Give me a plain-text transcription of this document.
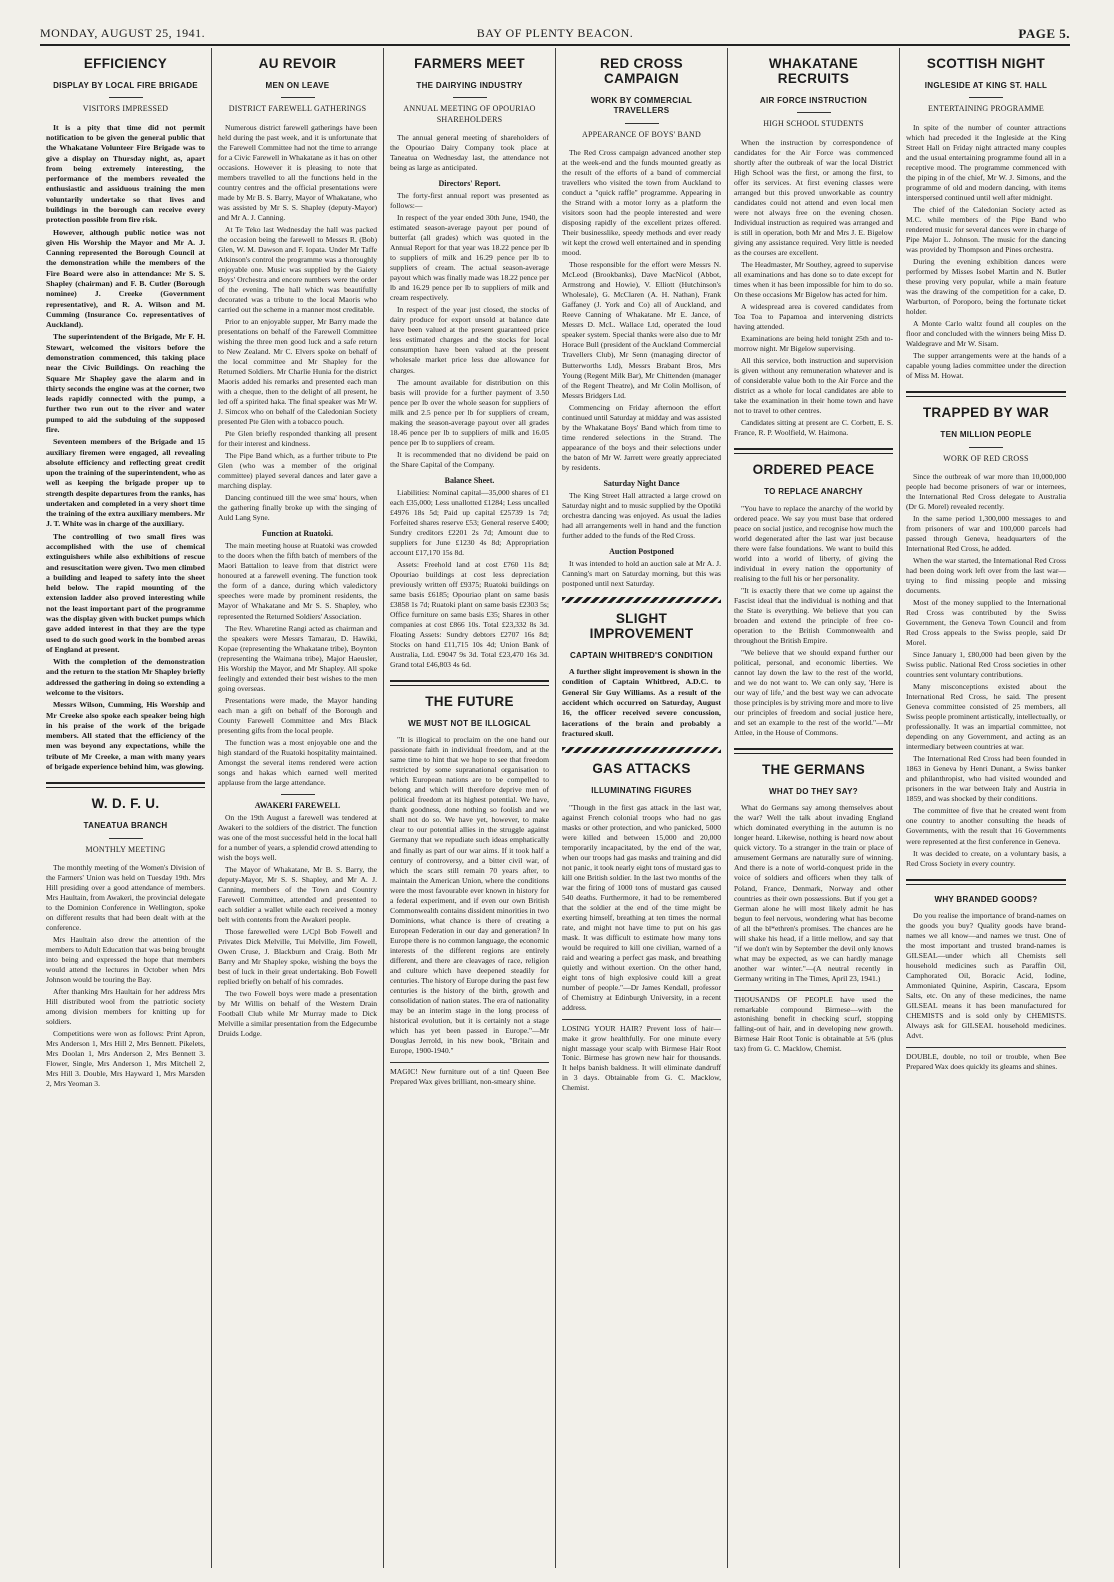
MONDAY, AUGUST 25, 1941.	BAY OF PLENTY BEACON.	PAGE 5.
EFFICIENCY
DISPLAY BY LOCAL FIRE BRIGADE
VISITORS IMPRESSED

It is a pity that time did not permit notification to be given the general public that the Whakatane Volunteer Fire Brigade was to give a display on Thursday night, as, apart from being extremely interesting, the performance of the members revealed the enthusiastic and assiduous training the men voluntarily undertake so that lives and buildings in the borough can receive every protection possible from fire risk.

However, although public notice was not given His Worship the Mayor and Mr A. J. Canning represented the Borough Council at the demonstration while the members of the Fire Board were also in attendance: Mr S. S. Shapley (chairman) and F. B. Cutler (Borough nominee) J. Creeke (Government representative), and R. A. Wilson and M. Cumming (Insurance Co. representatives of Auckland).

The superintendent of the Brigade, Mr F. H. Stewart, welcomed the visitors before the demonstration commenced, this taking place near the Civic Buildings. On reaching the Square Mr Shapley gave the alarm and in thirty seconds the engine was at the corner, two leads rapidly connected with the pump, a further two run out to the river and water pumped to aid the subduing of the supposed fire.

Seventeen members of the Brigade and 15 auxiliary firemen were engaged, all revealing absolute efficiency and reflecting great credit upon the training of the superintendent, who as well as keeping the brigade proper up to strength despite departures from the ranks, has undertaken and completed in a very short time the training of the extra auxiliary members. Mr J. T. White was in charge of the auxiliary.

The controlling of two small fires was accomplished with the use of chemical extinguishers while also exhibitions of rescue and resuscitation were given. Two men climbed a building and leaped to safety into the sheet held below. The rapid mounting of the extension ladder also proved interesting while not the least important part of the programme was the display given with bucket pumps which gave added interest in that they are the type used to do such good work in the bombed areas of England at present.

With the completion of the demonstration and the return to the station Mr Shapley briefly addressed the gathering in doing so extending a welcome to the visitors.

Messrs Wilson, Cumming, His Worship and Mr Creeke also spoke each speaker being high in his praise of the work of the brigade members. All stated that the efficiency of the men was beyond any expectations, while the tribute of Mr Creeke, a man with many years of brigade experience behind him, was glowing.

W. D. F. U.
TANEATUA BRANCH
MONTHLY MEETING

The monthly meeting of the Women's Division of the Farmers' Union was held on Tuesday 19th. Mrs Hill presiding over a good attendance of members. Mrs Haultain, from Awakeri, the provincial delegate to the Dominion Conference in Wellington, spoke on different results that had been dealt with at the conference.

Mrs Haultain also drew the attention of the members to Adult Education that was being brought into being and expressed the hope that members would attend the lectures in October when Mrs Johnson would be touring the Bay.

After thanking Mrs Haultain for her address Mrs Hill distributed wool from the patriotic society among division members for knitting up for soldiers.

Competitions were won as follows: Print Apron, Mrs Anderson 1, Mrs Hill 2, Mrs Bennett. Pikelets, Mrs Doolan 1, Mrs Anderson 2, Mrs Bennett 3. Flower, Single, Mrs Anderson 1, Mrs Mitchell 2, Mrs Hill 3. Double, Mrs Hayward 1, Mrs Marsden 2, Mrs Yeoman 3.

AU REVOIR
MEN ON LEAVE
DISTRICT FAREWELL GATHERINGS

Numerous district farewell gatherings have been held during the past week, and it is unfortunate that the Farewell Committee had not the time to arrange for a Civic Farewell in Whakatane as it has on other occasions. However it is pleasing to note that members travelled to all the functions held in the country centres and the official presentations were made by Mr B. S. Barry, Mayor of Whakatane, who was assisted by Mr S. S. Shapley (deputy-Mayor) and Mr A. J. Canning.

At Te Teko last Wednesday the hall was packed the occasion being the farewell to Messrs R. (Bob) Glen, W. M. Dawson and F. Iopata. Under Mr Taffe Atkinson's control the programme was a thoroughly enjoyable one. Music was supplied by the Gaiety Boys' Orchestra and encore numbers were the order of the evening. The hall which was beautifully decorated was a tribute to the local Maoris who carried out the scheme in a manner most creditable.

Prior to an enjoyable supper, Mr Barry made the presentations on behalf of the Farewell Committee wishing the three men good luck and a safe return to New Zealand. Mr C. Elvers spoke on behalf of the local committee and Mr Shapley for the Returned Soldiers. Mr Charlie Hunia for the district Maoris added his remarks and presented each man with a cheque, then to the delight of all present, he led off a spirited haka. The final speaker was Mr W. J. Simcox who on behalf of the Caledonian Society presented Pte Glen with a tobacco pouch.

Pte Glen briefly responded thanking all present for their interest and kindness.

The Pipe Band which, as a further tribute to Pte Glen (who was a member of the original committee) played several dances and later gave a marching display.

Dancing continued till the wee sma' hours, when the gathering finally broke up with the singing of Auld Lang Syne.

Function at Ruatoki.

The main meeting house at Ruatoki was crowded to the doors when the fifth batch of members of the Maori Battalion to leave from that district were honoured at a farewell evening. The function took the form of a dance, during which valedictory speeches were made by prominent residents, the Mayor of Whakatane and Mr S. S. Shapley, who represented the Returned Soldiers' Association.

The Rev. Wharetine Rangi acted as chairman and the speakers were Messrs Tamarau, D. Hawiki, Kopae (representing the Whakatane tribe), Boynton (representing the Waimana tribe), Major Haeusler, His Worship the Mayor, and Mr Shapley. All spoke feelingly and extended their best wishes to the men going overseas.

Presentations were made, the Mayor handing each man a gift on behalf of the Borough and County Farewell Committee and Mrs Black presenting gifts from the local people.

The function was a most enjoyable one and the high standard of the Ruatoki hospitality maintained. Amongst the several items rendered were action songs and hakas which earned well merited applause from the large attendance.

AWAKERI FAREWELL

On the 19th August a farewell was tendered at Awakeri to the soldiers of the district. The function was one of the most successful held in the local hall for a number of years, a splendid crowd attending to wish the boys well.

The Mayor of Whakatane, Mr B. S. Barry, the deputy-Mayor, Mr S. S. Shapley, and Mr A. J. Canning, members of the Town and Country Farewell Committee, attended and presented to each soldier a wallet while each received a money belt with contents from the Awakeri people.

Those farewelled were L/Cpl Bob Fowell and Privates Dick Melville, Tui Melville, Jim Fowell, Owen Cruse, J. Blackburn and Craig. Both Mr Barry and Mr Shapley spoke, wishing the boys the best of luck in their great undertaking. Bob Fowell replied briefly on behalf of his comrades.

The two Fowell boys were made a presentation by Mr Willis on behalf of the Western Drain Football Club while Mr Murray made to Dick Melville a similar presentation from the Edgecumbe Druids Lodge.

FARMERS MEET
THE DAIRYING INDUSTRY
ANNUAL MEETING OF OPOURIAO SHAREHOLDERS

The annual general meeting of shareholders of the Opouriao Dairy Company took place at Taneatua on Wednesday last, the attendance not being as large as anticipated.

Directors' Report.

The forty-first annual report was presented as follows:—

In respect of the year ended 30th June, 1940, the estimated season-average payout per pound of butterfat (all grades) which was quoted in the Annual Report for that year was 18.22 pence per lb to suppliers of milk and 16.29 pence per lb to suppliers of cream. The actual season-average payout which was finally made was 18.22 pence per lb and 16.29 pence per lb to suppliers of milk and cream respectively.

In respect of the year just closed, the stocks of dairy produce for export unsold at balance date have been valued at the present guaranteed price less estimated charges and the stocks for local consumption have been valued at the present wholesale market price less due allowance for charges.

The amount available for distribution on this basis will provide for a further payment of 3.50 pence per lb over the whole season for suppliers of milk and 2.5 pence per lb for suppliers of cream, making the season-average payout over all grades 18.46 pence per lb to suppliers of milk and 16.05 pence per lb to suppliers of cream.

It is recommended that no dividend be paid on the Share Capital of the Company.

Balance Sheet.

Liabilities: Nominal capital—35,000 shares of £1 each £35,000; Less unallotted £1284; Less uncalled £4976 18s 5d; Paid up capital £25739 1s 7d; Forfeited shares reserve £53; General reserve £400; Sundry creditors £2201 2s 7d; Amount due to suppliers for June £1230 4s 8d; Appropriation account £17,170 15s 8d.

Assets: Freehold land at cost £760 11s 8d; Opouriao buildings at cost less depreciation previously written off £9375; Ruatoki buildings on same basis £6185; Opouriao plant on same basis £3858 1s 7d; Ruatoki plant on same basis £2303 5s; Office furniture on same basis £35; Shares in other companies at cost £866 10s. Total £23,332 8s 3d. Floating Assets: Sundry debtors £2707 16s 8d; Stocks on hand £11,715 10s 4d; Union Bank of Australia, Ltd. £9047 9s 3d. Total £23,470 16s 3d. Grand total £46,803 4s 6d.

THE FUTURE
WE MUST NOT BE ILLOGICAL

"It is illogical to proclaim on the one hand our passionate faith in individual freedom, and at the same time to hint that we hope to see that freedom restricted by some supranational organisation to which European nations are to be compelled to belong and which will therefore deprive men of political freedom at its highest potential. We have, thank goodness, done nothing so foolish and we shall not do so. We have yet, however, to make clear to our potential allies in the struggle against Germany that we repudiate such ideas emphatically and finally as part of our war aims. If it took half a century of controversy, and a bitter civil war, of which the scars still remain 70 years after, to maintain the American Union, where the conditions were the most favourable ever known in history for a federal experiment, and if even our own British Commonwealth contains dissident minorities in two Dominions, what chance is there of creating a European Federation in our day and generation? In Europe there is no common language, the economic interests of the different regions are entirely different, and there are cleavages of race, religion and culture which have deepened steadily for centuries. The history of Europe during the past few centuries is the history of the birth, growth and consolidation of nation states. The era of nationality may be an interim stage in the long process of historical evolution, but it is certainly not a stage which has yet been passed in Europe."—Mr Douglas Jerrold, in his new book, "Britain and Europe, 1900-1940."

MAGIC! New furniture out of a tin! Queen Bee Prepared Wax gives brilliant, non-smeary shine.
RED CROSS CAMPAIGN
WORK BY COMMERCIAL TRAVELLERS
APPEARANCE OF BOYS' BAND

The Red Cross campaign advanced another step at the week-end and the funds mounted greatly as the result of the efforts of a band of commercial travellers who visited the town from Auckland to conduct a "quick raffle" programme. Appearing in the Strand with a motor lorry as a platform the visitors soon had the people interested and were disposing rapidly of the excellent prizes offered. Their businesslike, speedy methods and ever ready wit kept the crowd well entertained and in spending mood.

Those responsible for the effort were Messrs N. McLeod (Brookbanks), Dave MacNicol (Abbot, Armstrong and Howie), V. Elliott (Hutchinson's Wholesale), G. McClaren (A. H. Nathan), Frank Gaffaney (J. York and Co) all of Auckland, and Reeve Canning of Whakatane. Mr E. Jance, of Messrs D. McL. Wallace Ltd, operated the loud speaker system. Special thanks were also due to Mr Horace Bull (president of the Auckland Commercial Travellers Club), Mr Senn (managing director of Butterworths Ltd), Messrs Brabant Bros, Mrs Young (Regent Milk Bar), Mr Chittenden (manager of the Regent Theatre), and Mr Colin Mollison, of Messrs Bridgers Ltd.

Commencing on Friday afternoon the effort continued until Saturday at midday and was assisted by the Whakatane Boys' Band which from time to time rendered selections in the Strand. The appearance of the boys and their selections under the baton of Mr W. Jarrett were greatly appreciated by residents.

Saturday Night Dance

The King Street Hall attracted a large crowd on Saturday night and to music supplied by the Opotiki orchestra dancing was enjoyed. As usual the ladies had all arrangements well in hand and the function further added to the funds of the Red Cross.

Auction Postponed

It was intended to hold an auction sale at Mr A. J. Canning's mart on Saturday morning, but this was postponed until next Saturday.

SLIGHT IMPROVEMENT
CAPTAIN WHITBRED'S CONDITION

A further slight improvement is shown in the condition of Captain Whitbred, A.D.C. to General Sir Guy Williams. As a result of the accident which occurred on Saturday, August 16, the officer received severe concussion, lacerations of the brain and probably a fractured skull.

GAS ATTACKS
ILLUMINATING FIGURES

"Though in the first gas attack in the last war, against French colonial troops who had no gas masks or other protection, and who panicked, 5000 were killed and between 15,000 and 20,000 temporarily incapacitated, by the end of the war, when our troops had gas masks and training and did not panic, it took nearly eight tons of mustard gas to kill one British soldier. In the last two months of the war the firing of 1000 tons of mustard gas caused 540 deaths. Furthermore, it had to be remembered that the soldier at the end of the time might be exerting himself, breathing at ten times the normal rate, and might not have time to put on his gas mask. It was difficult to estimate how many tons would be required to kill one civilian, warned of a raid and wearing a perfect gas mask, and breathing quietly and without exertion. On the other hand, eight tons of high explosive could kill a great number of people."—Dr James Kendall, professor of Chemistry at Edinburgh University, in a recent address.

LOSING YOUR HAIR? Prevent loss of hair—make it grow healthfully. For one minute every night massage your scalp with Birmese Hair Root Tonic. Birmese has grown new hair for thousands. It helps banish baldness. It will eliminate dandruff in 3 days. Obtainable from G. C. Macklow, Chemist.
WHAKATANE RECRUITS
AIR FORCE INSTRUCTION
HIGH SCHOOL STUDENTS

When the instruction by correspondence of candidates for the Air Force was commenced shortly after the outbreak of war the local District High School was the first, or among the first, to offer its services. At first evening classes were arranged but this proved unworkable as country candidates could not attend and even local men were not always free on the evening chosen. Individual instruction as required was arranged and is still in operation, both Mr and Mrs J. E. Bigelow giving any assistance required. Very little is needed as the courses are excellent.

The Headmaster, Mr Southey, agreed to supervise all examinations and has done so to date except for times when it has been impossible for him to do so. On these occasions Mr Bigelow has acted for him.

A widespread area is covered candidates from Toa Toa to Papamoa and intervening districts having attended.

Examinations are being held tonight 25th and to-morrow night. Mr Bigelow supervising.

All this service, both instruction and supervision is given without any remuneration whatever and is of considerable value both to the Air Force and the district as a whole for local candidates are able to take the examination in their home town and have not to travel to other centres.

Candidates sitting at present are C. Corbett, E. S. France, R. P. Woolfield, W. Haimona.

ORDERED PEACE
TO REPLACE ANARCHY

"You have to replace the anarchy of the world by ordered peace. We say you must base that ordered peace on social justice, and recognise how much the world degenerated after the last war just because there were false foundations. We want to build this world into a world of liberty, of giving the individual in every nation the opportunity of realising to the full his or her personality.

"It is exactly there that we come up against the Fascist ideal that the individual is nothing and that the State is everything. We believe that you can broaden and extend the principle of free co-operation to the British Commonwealth and throughout the British Empire.

"We believe that we should expand further our political, personal, and economic liberties. We cannot lay down the law to the rest of the world, and we do not want to. We can only say, 'Here is our way of life,' and the best way we can advocate those principles is by striving more and more to live our principles of freedom and social justice here, and set an example to the rest of the world."—Mr Attlee, in the House of Commons.

THE GERMANS
WHAT DO THEY SAY?

What do Germans say among themselves about the war? Well the talk about invading England which dominated everything in the autumn is no longer heard. Likewise, nothing is heard now about quick victory. To a stranger in the train or place of amusement Germans are naturally sure of winning. And there is a note of world-conquest pride in the voice of soldiers and officers when they talk of Poland, France, Denmark, Norway and other countries as their own possessions. But if you get a German alone he will most likely admit he has begun to feel nervous, wondering what has become of all the bl*ethren's promises. The chances are he will shake his head, if a little mellow, and say that "if we don't win by September the devil only knows what may be expected, as we can hardly manage another war winter."—(A neutral recently in Germany writing in The Times, April 23, 1941.)

THOUSANDS OF PEOPLE have used the remarkable compound Birmese—with the astonishing benefit in checking scurf, stopping falling-out of hair, and in developing new growth. Birmese Hair Root Tonic is obtainable at 5/6 (plus tax) from G. C. Macklow, Chemist.
SCOTTISH NIGHT
INGLESIDE AT KING ST. HALL
ENTERTAINING PROGRAMME

In spite of the number of counter attractions which had preceded it the Ingleside at the King Street Hall on Friday night attracted many couples and the usual entertaining programme found all in a receptive mood. The programme commenced with the piping in of the chief, Mr W. J. Simons, and the programme of old and modern dancing, with items interspersed continued until well after midnight.

The chief of the Caledonian Society acted as M.C. while members of the Pipe Band who rendered music for several dances were in charge of Pipe Major L. Johnson. The music for the dancing was provided by Thompson and Pines orchestra.

During the evening exhibition dances were performed by Misses Isobel Martin and N. Butler these proving very popular, while a main feature was the drawing of the competition for a cake, D. Warburton, of Poroporo, being the fortunate ticket holder.

A Monte Carlo waltz found all couples on the floor and concluded with the winners being Miss D. Waldegrave and Mr W. Sisam.

The supper arrangements were at the hands of a capable young ladies committee under the direction of Miss M. Howat.

TRAPPED BY WAR
TEN MILLION PEOPLE
WORK OF RED CROSS

Since the outbreak of war more than 10,000,000 people had become prisoners of war or internees, the International Red Cross delegate to Australia (Dr G. Morel) revealed recently.

In the same period 1,300,000 messages to and from prisoners of war and 100,000 parcels had passed through Geneva, headquarters of the International Red Cross, he added.

When the war started, the International Red Cross had been doing work left over from the last war—trying to find missing people and missing documents.

Most of the money supplied to the International Red Cross was contributed by the Swiss Government, the Geneva Town Council and from Red Cross appeals to the Swiss people, said Dr Morel.

Since January 1, £80,000 had been given by the Swiss public. National Red Cross societies in other countries sent voluntary contributions.

Many misconceptions existed about the International Red Cross, he said. The present Geneva committee consisted of 25 members, all Swiss people prominent artistically, intellectually, or professionally. It was an impartial committee, not depending on any Government, and acting as an intermediary between countries at war.

The International Red Cross had been founded in 1863 in Geneva by Henri Dunant, a Swiss banker and philanthropist, who had visited wounded and prisoners in the war between Italy and Austria in 1859, and was shocked by their conditions.

The committee of five that he created went from one country to another consulting the heads of Governments, with the result that 16 Governments were represented at the first conference in Geneva.

It was decided to create, on a voluntary basis, a Red Cross Society in every country.

WHY BRANDED GOODS?

Do you realise the importance of brand-names on the goods you buy? Quality goods have brand-names we all know—and names we trust. One of the most important and trusted brand-names is GILSEAL—under which all Chemists sell household medicines such as Paraffin Oil, Camphorated Oil, Boracic Acid, Iodine, Ammoniated Quinine, Aspirin, Cascara, Epsom Salts, etc. On any of these medicines, the name GILSEAL means it has been manufactured for CHEMISTS and is sold only by CHEMISTS. Always ask for GILSEAL household medicines. Advt.

DOUBLE, double, no toil or trouble, when Bee Prepared Wax does quickly its gleams and shines.
